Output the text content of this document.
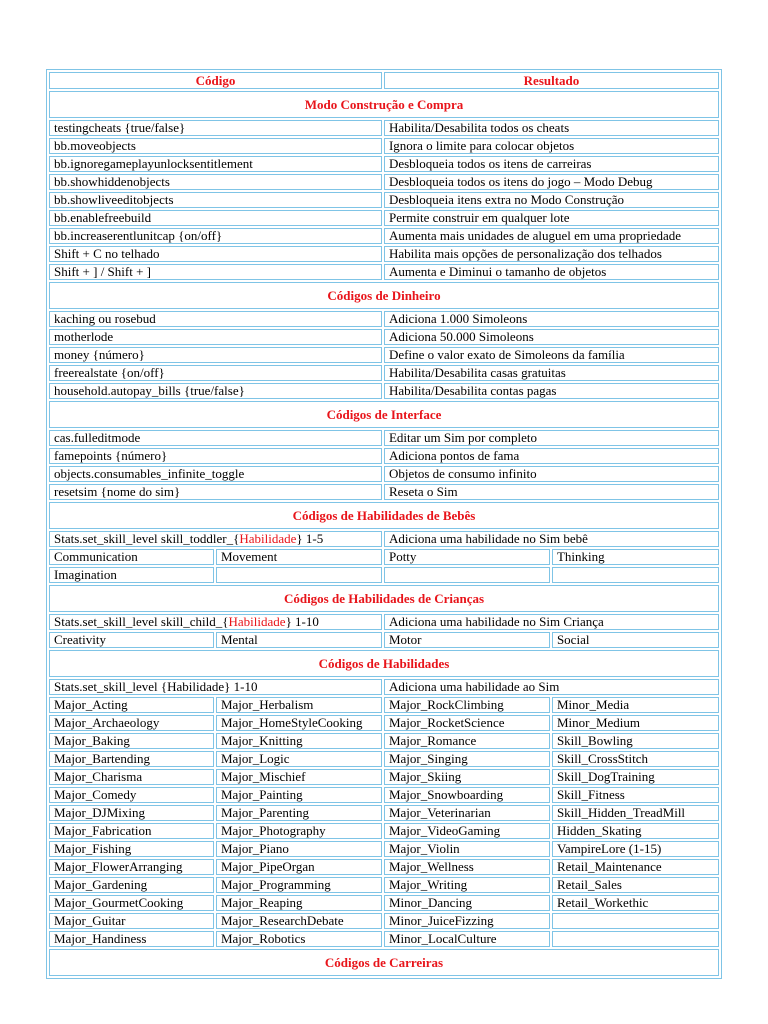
Código		Resultado	
Modo Construção e Compra			
testingcheats {true/false}		Habilita/Desabilita todos os cheats	
bb.moveobjects		Ignora o limite para colocar objetos	
bb.ignoregameplayunlocksentitlement		Desbloqueia todos os itens de carreiras	
bb.showhiddenobjects		Desbloqueia todos os itens do jogo – Modo Debug	
bb.showliveeditobjects		Desbloqueia itens extra no Modo Construção	
bb.enablefreebuild		Permite construir em qualquer lote	
bb.increaserentlunitcap {on/off}		Aumenta mais unidades de aluguel em uma propriedade	
Shift + C no telhado		Habilita mais opções de personalização dos telhados	
Shift + ] / Shift + ]		Aumenta e Diminui o tamanho de objetos	
Códigos de Dinheiro			
kaching ou rosebud		Adiciona 1.000 Simoleons	
motherlode		Adiciona 50.000 Simoleons	
money {número}		Define o valor exato de Simoleons da família	
freerealstate {on/off}		Habilita/Desabilita casas gratuitas	
household.autopay_bills {true/false}		Habilita/Desabilita contas pagas	
Códigos de Interface			
cas.fulleditmode		Editar um Sim por completo	
famepoints {número}		Adiciona pontos de fama	
objects.consumables_infinite_toggle		Objetos de consumo infinito	
resetsim {nome do sim}		Reseta o Sim	
Códigos de Habilidades de Bebês			
Stats.set_skill_level skill_toddler_{Habilidade} 1-5		Adiciona uma habilidade no Sim bebê	
Communication	Movement	Potty	Thinking
Imagination			
Códigos de Habilidades de Crianças			
Stats.set_skill_level skill_child_{Habilidade} 1-10		Adiciona uma habilidade no Sim Criança	
Creativity	Mental	Motor	Social
Códigos de Habilidades			
Stats.set_skill_level {Habilidade} 1-10		Adiciona uma habilidade ao Sim	
Major_Acting	Major_Herbalism	Major_RockClimbing	Minor_Media
Major_Archaeology	Major_HomeStyleCooking	Major_RocketScience	Minor_Medium
Major_Baking	Major_Knitting	Major_Romance	Skill_Bowling
Major_Bartending	Major_Logic	Major_Singing	Skill_CrossStitch
Major_Charisma	Major_Mischief	Major_Skiing	Skill_DogTraining
Major_Comedy	Major_Painting	Major_Snowboarding	Skill_Fitness
Major_DJMixing	Major_Parenting	Major_Veterinarian	Skill_Hidden_TreadMill
Major_Fabrication	Major_Photography	Major_VideoGaming	Hidden_Skating
Major_Fishing	Major_Piano	Major_Violin	VampireLore (1-15)
Major_FlowerArranging	Major_PipeOrgan	Major_Wellness	Retail_Maintenance
Major_Gardening	Major_Programming	Major_Writing	Retail_Sales
Major_GourmetCooking	Major_Reaping	Minor_Dancing	Retail_Workethic
Major_Guitar	Major_ResearchDebate	Minor_JuiceFizzing	
Major_Handiness	Major_Robotics	Minor_LocalCulture	
Códigos de Carreiras			
